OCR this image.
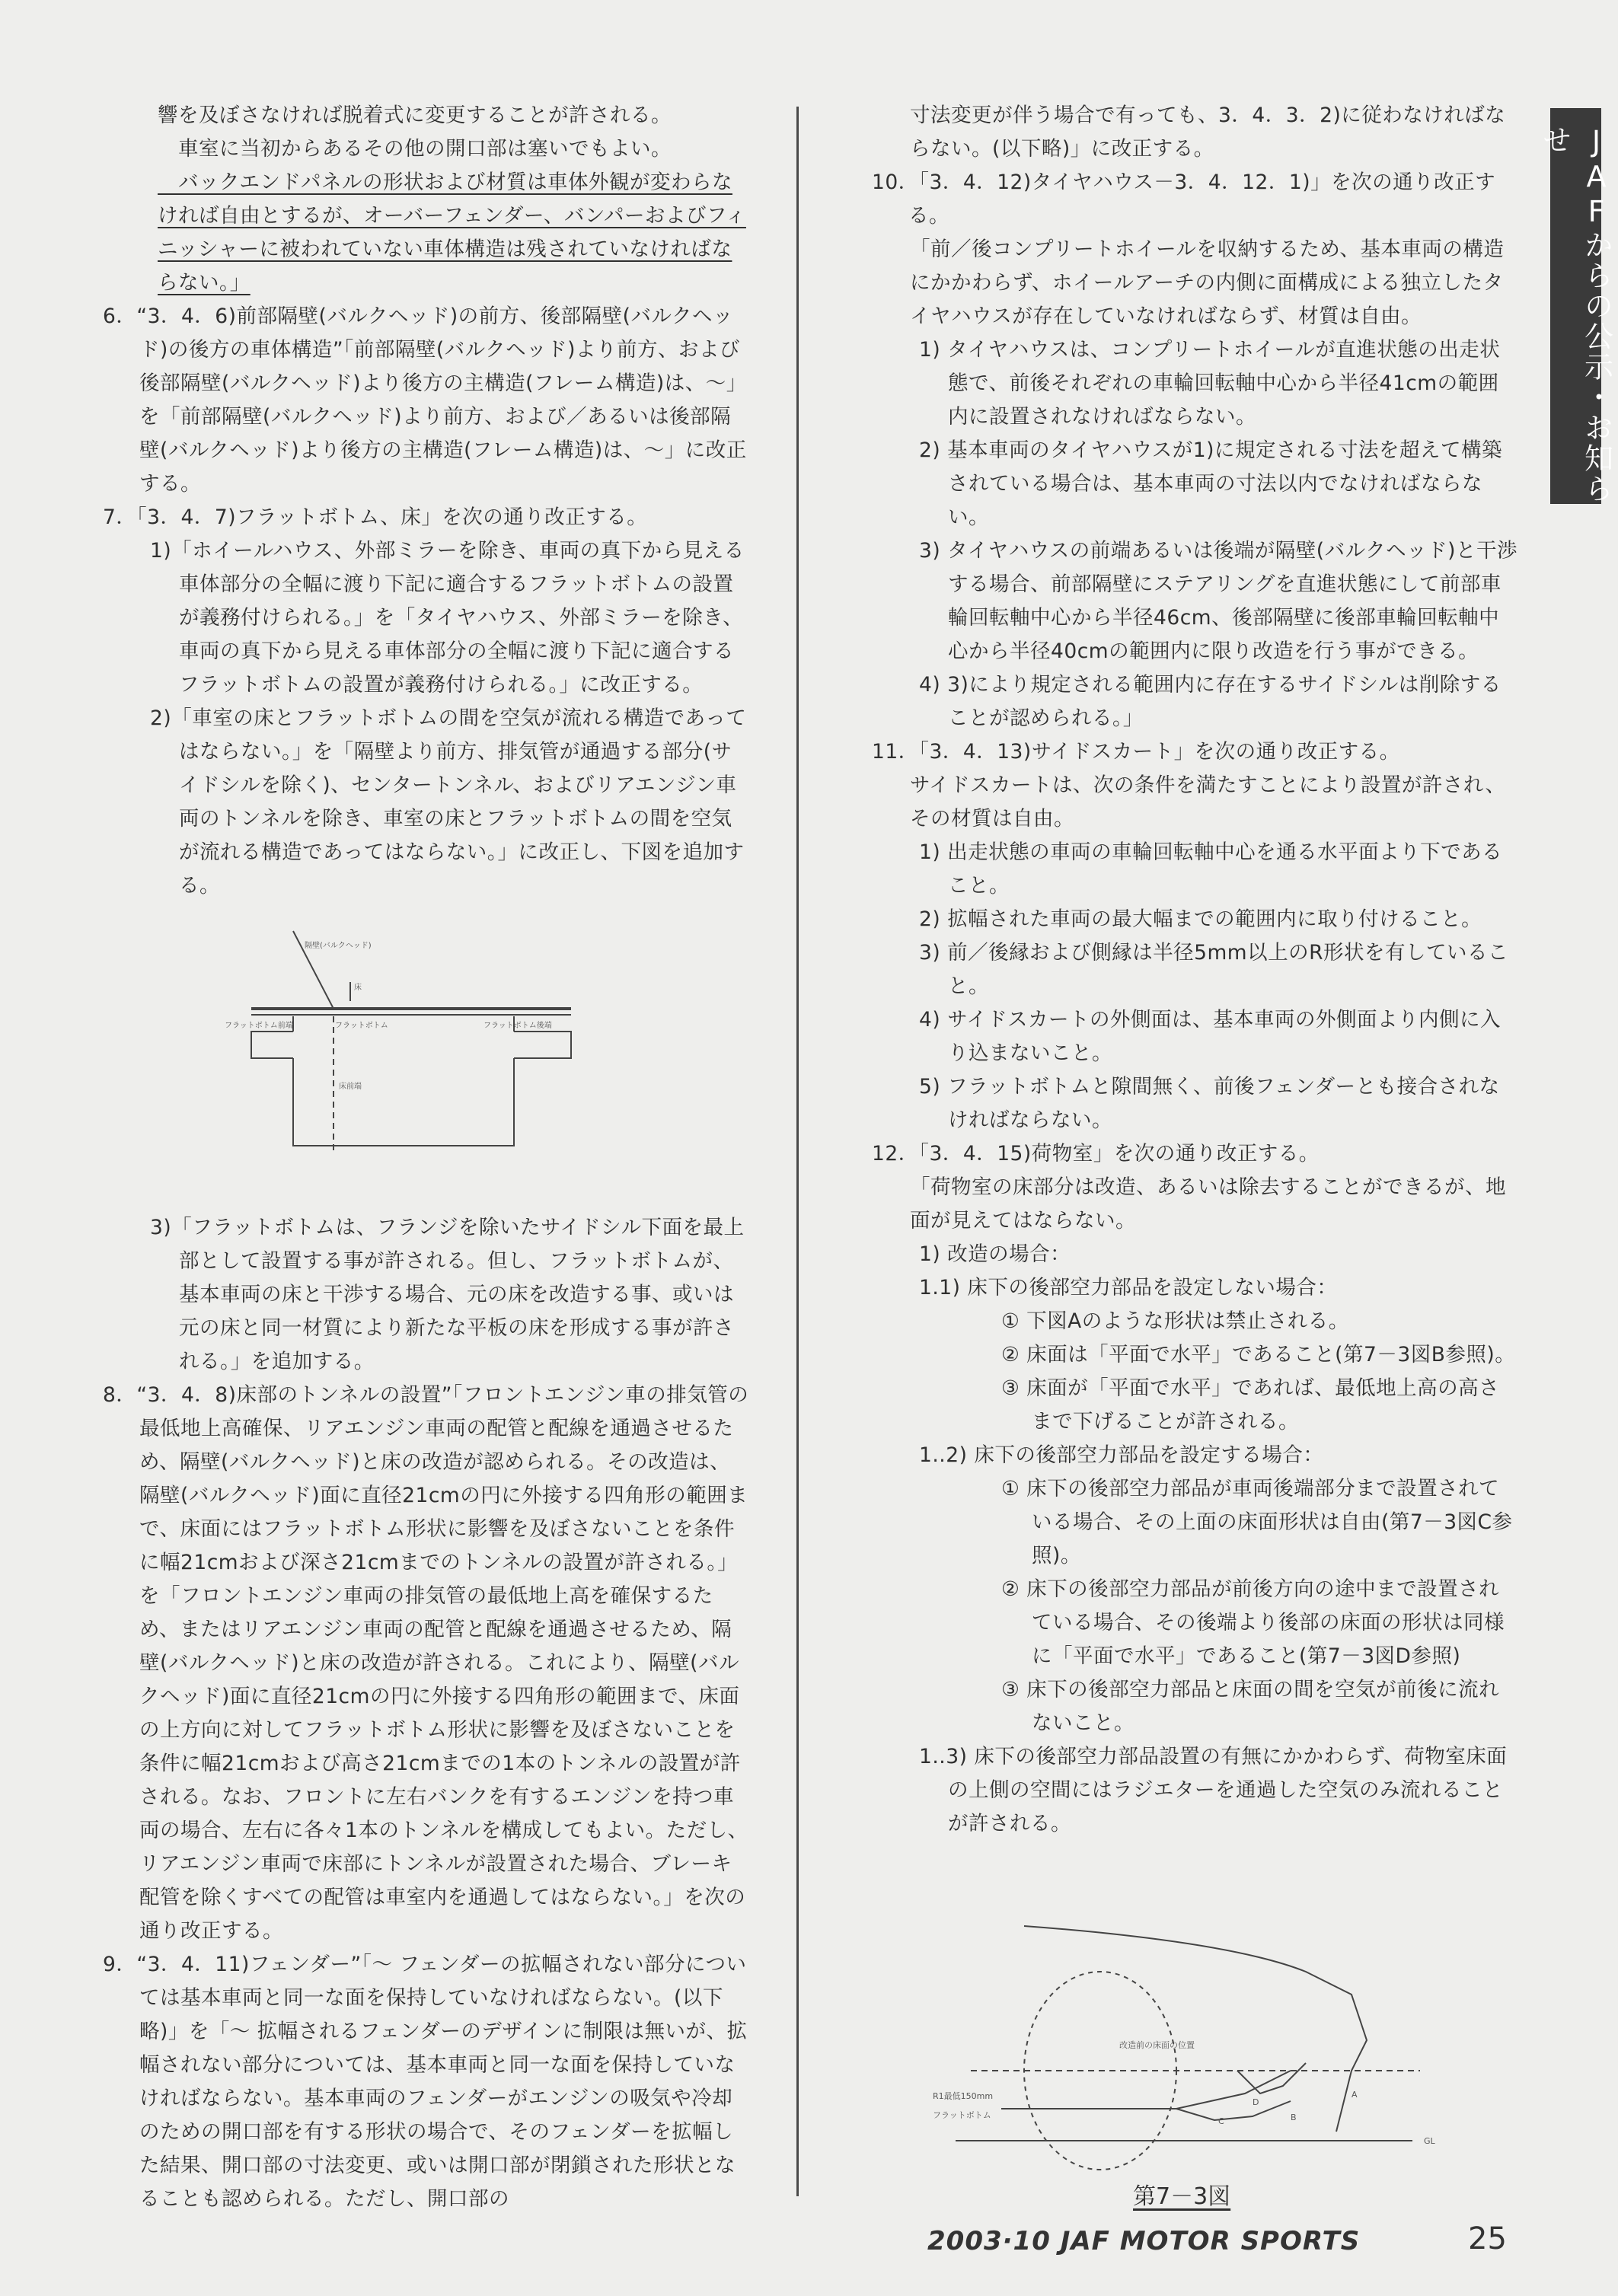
JAFからの公示・お知らせ

響を及ぼさなければ脱着式に変更することが許される。

　車室に当初からあるその他の開口部は塞いでもよい。

　バックエンドパネルの形状および材質は車体外観が変わらなければ自由とするが、オーバーフェンダー、バンパーおよびフィニッシャーに被われていない車体構造は残されていなければならない。」

6．“3．4．6)前部隔壁(バルクヘッド)の前方、後部隔壁(バルクヘッド)の後方の車体構造”「前部隔壁(バルクヘッド)より前方、および後部隔壁(バルクヘッド)より後方の主構造(フレーム構造)は、～」を「前部隔壁(バルクヘッド)より前方、および／あるいは後部隔壁(バルクヘッド)より後方の主構造(フレーム構造)は、～」に改正する。

7．「3．4．7)フラットボトム、床」を次の通り改正する。

1)「ホイールハウス、外部ミラーを除き、車両の真下から見える車体部分の全幅に渡り下記に適合するフラットボトムの設置が義務付けられる。」を「タイヤハウス、外部ミラーを除き、車両の真下から見える車体部分の全幅に渡り下記に適合するフラットボトムの設置が義務付けられる。」に改正する。

2)「車室の床とフラットボトムの間を空気が流れる構造であってはならない。」を「隔壁より前方、排気管が通過する部分(サイドシルを除く)、センタートンネル、およびリアエンジン車両のトンネルを除き、車室の床とフラットボトムの間を空気が流れる構造であってはならない。」に改正し、下図を追加する。

3)「フラットボトムは、フランジを除いたサイドシル下面を最上部として設置する事が許される。但し、フラットボトムが、基本車両の床と干渉する場合、元の床を改造する事、或いは元の床と同一材質により新たな平板の床を形成する事が許される。」を追加する。

8．“3．4．8)床部のトンネルの設置”「フロントエンジン車の排気管の最低地上高確保、リアエンジン車両の配管と配線を通過させるため、隔壁(バルクヘッド)と床の改造が認められる。その改造は、隔壁(バルクヘッド)面に直径21cmの円に外接する四角形の範囲まで、床面にはフラットボトム形状に影響を及ぼさないことを条件に幅21cmおよび深さ21cmまでのトンネルの設置が許される。」を「フロントエンジン車両の排気管の最低地上高を確保するため、またはリアエンジン車両の配管と配線を通過させるため、隔壁(バルクヘッド)と床の改造が許される。これにより、隔壁(バルクヘッド)面に直径21cmの円に外接する四角形の範囲まで、床面の上方向に対してフラットボトム形状に影響を及ぼさないことを条件に幅21cmおよび高さ21cmまでの1本のトンネルの設置が許される。なお、フロントに左右バンクを有するエンジンを持つ車両の場合、左右に各々1本のトンネルを構成してもよい。ただし、リアエンジン車両で床部にトンネルが設置された場合、ブレーキ配管を除くすべての配管は車室内を通過してはならない。」を次の通り改正する。

9．“3．4．11)フェンダー”「～ フェンダーの拡幅されない部分については基本車両と同一な面を保持していなければならない。(以下略)」を「～ 拡幅されるフェンダーのデザインに制限は無いが、拡幅されない部分については、基本車両と同一な面を保持していなければならない。基本車両のフェンダーがエンジンの吸気や冷却のための開口部を有する形状の場合で、そのフェンダーを拡幅した結果、開口部の寸法変更、或いは開口部が閉鎖された形状となることも認められる。ただし、開口部の

寸法変更が伴う場合で有っても、3．4．3．2)に従わなければならない。(以下略)」に改正する。

10．「3．4．12)タイヤハウス－3．4．12．1)」を次の通り改正する。

「前／後コンプリートホイールを収納するため、基本車両の構造にかかわらず、ホイールアーチの内側に面構成による独立したタイヤハウスが存在していなければならず、材質は自由。

1) タイヤハウスは、コンプリートホイールが直進状態の出走状態で、前後それぞれの車輪回転軸中心から半径41cmの範囲内に設置されなければならない。

2) 基本車両のタイヤハウスが1)に規定される寸法を超えて構築されている場合は、基本車両の寸法以内でなければならない。

3) タイヤハウスの前端あるいは後端が隔壁(バルクヘッド)と干渉する場合、前部隔壁にステアリングを直進状態にして前部車輪回転軸中心から半径46cm、後部隔壁に後部車輪回転軸中心から半径40cmの範囲内に限り改造を行う事ができる。

4) 3)により規定される範囲内に存在するサイドシルは削除することが認められる。」

11．「3．4．13)サイドスカート」を次の通り改正する。

サイドスカートは、次の条件を満たすことにより設置が許され、その材質は自由。

1) 出走状態の車両の車輪回転軸中心を通る水平面より下であること。

2) 拡幅された車両の最大幅までの範囲内に取り付けること。

3) 前／後縁および側縁は半径5mm以上のR形状を有していること。

4) サイドスカートの外側面は、基本車両の外側面より内側に入り込まないこと。

5) フラットボトムと隙間無く、前後フェンダーとも接合されなければならない。

12．「3．4．15)荷物室」を次の通り改正する。

「荷物室の床部分は改造、あるいは除去することができるが、地面が見えてはならない。

1) 改造の場合：

1.1) 床下の後部空力部品を設定しない場合：

① 下図Aのような形状は禁止される。

② 床面は「平面で水平」であること(第7－3図B参照)。

③ 床面が「平面で水平」であれば、最低地上高の高さまで下げることが許される。

1..2) 床下の後部空力部品を設定する場合：

① 床下の後部空力部品が車両後端部分まで設置されている場合、その上面の床面形状は自由(第7－3図C参照)。

② 床下の後部空力部品が前後方向の途中まで設置されている場合、その後端より後部の床面の形状は同様に「平面で水平」であること(第7－3図D参照)

③ 床下の後部空力部品と床面の間を空気が前後に流れないこと。

1..3) 床下の後部空力部品設置の有無にかかわらず、荷物室床面の上側の空間にはラジエターを通過した空気のみ流れることが許される。

隔壁(バルクヘッド)
床
フラットボトム前端	フラットボトム	フラットボトム後端
床前端
改造前の床面の位置
R1最低150mm
フラットボトム
GL
A
B
C
D
第7－3図
2003·10 JAF MOTOR SPORTS	25
